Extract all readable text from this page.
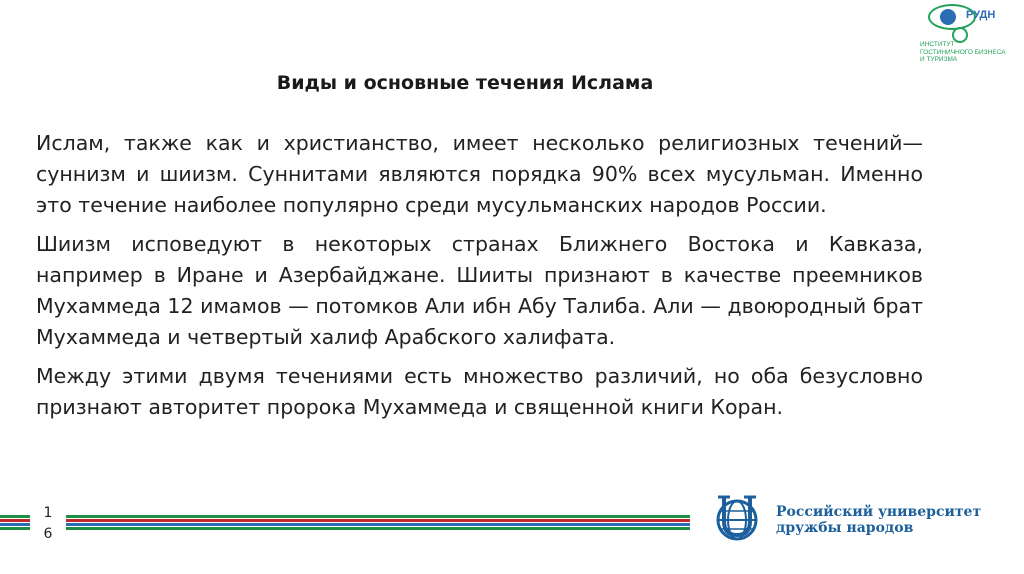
РУДН
ИНСТИТУТ
ГОСТИНИЧНОГО БИЗНЕСА
И ТУРИЗМА
Виды и основные течения Ислама

Ислам, также как и христианство, имеет несколько религиозных течений— суннизм и шиизм. Суннитами являются порядка 90% всех мусульман. Именно это течение наиболее популярно среди мусульманских народов России.

Шиизм исповедуют в некоторых странах Ближнего Востока и Кавказа, например в Иране и Азербайджане. Шииты признают в качестве преемников Мухаммеда 12 имамов — потомков Али ибн Абу Талиба. Али — двоюродный брат Мухаммеда и четвертый халиф Арабского халифата.

Между этими двумя течениями есть множество различий, но оба безусловно признают авторитет пророка Мухаммеда и священной книги Коран.

1
6
Российский университет
дружбы народов
